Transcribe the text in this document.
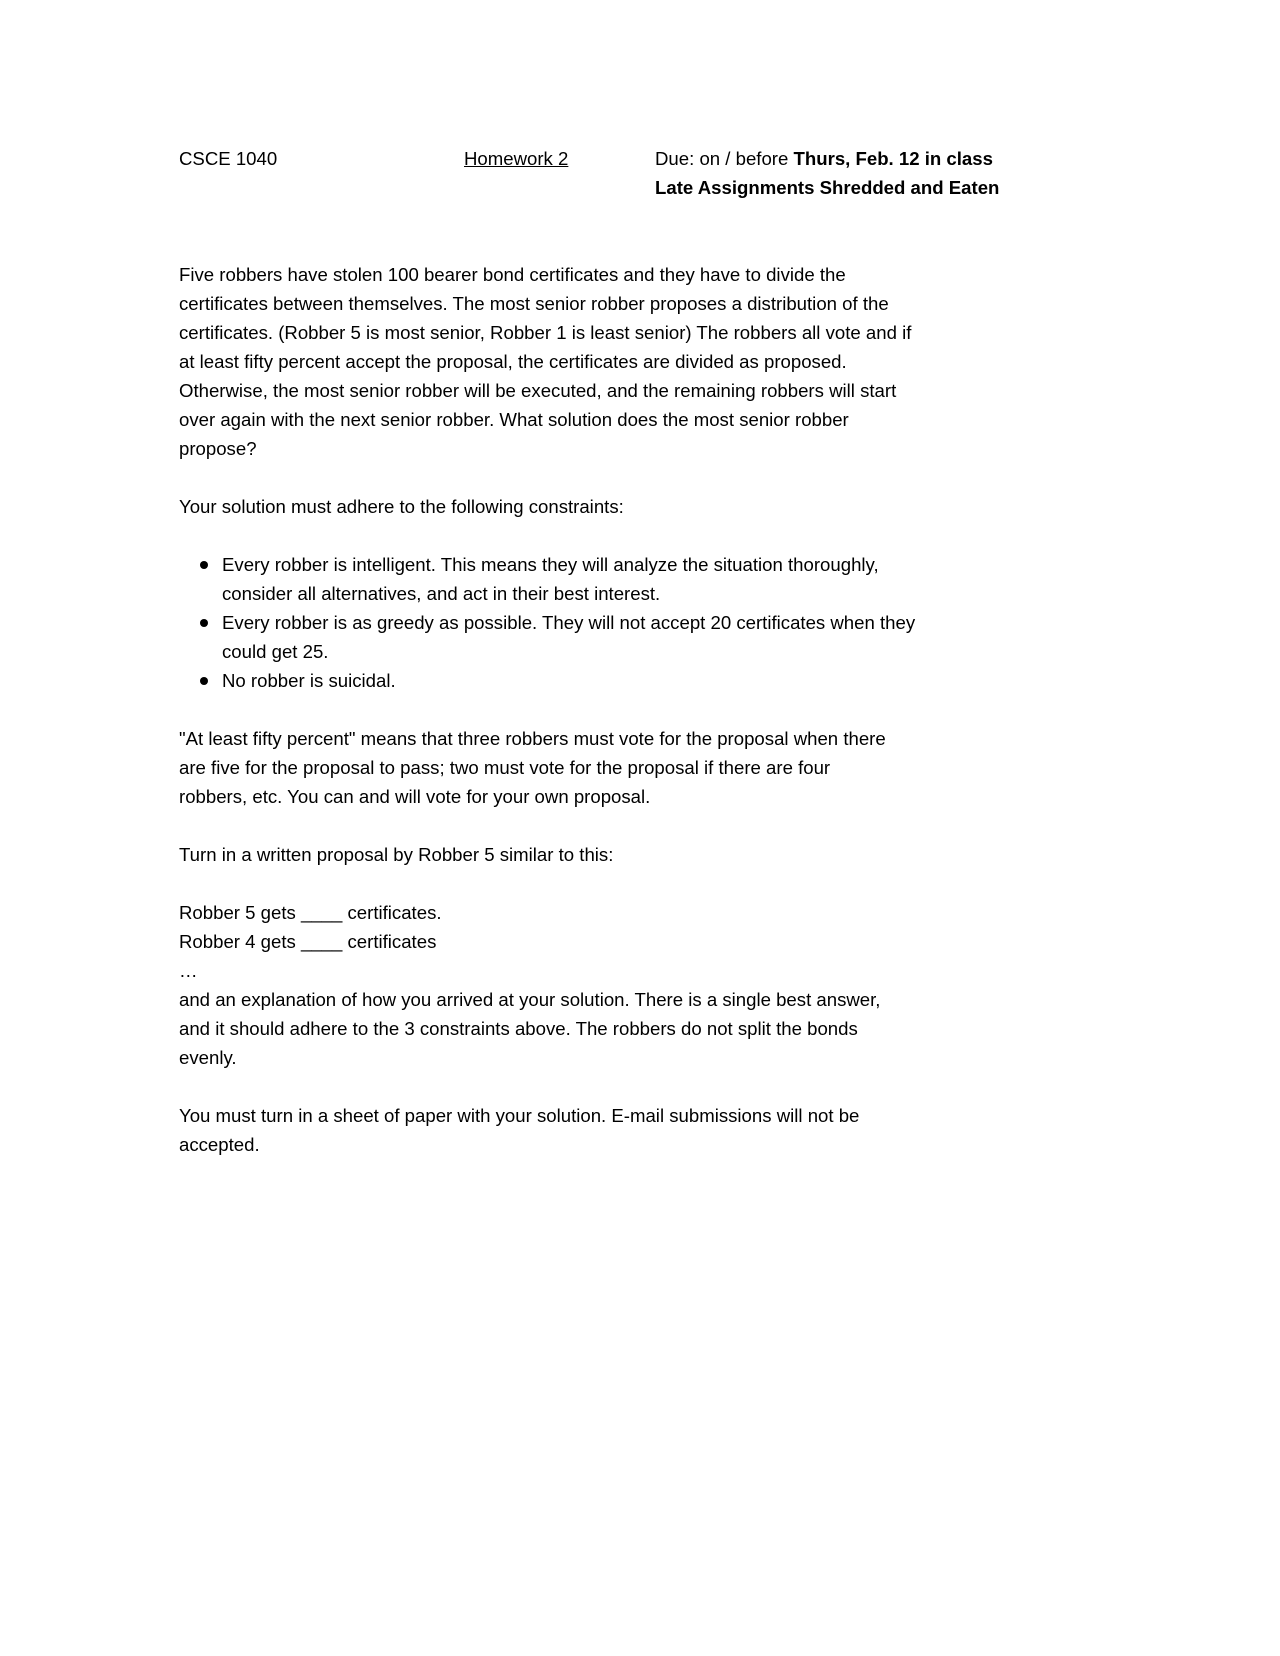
CSCE 1040	Homework 2	Due: on / before Thurs, Feb. 12 in class
Late Assignments Shredded and Eaten
Five robbers have stolen 100 bearer bond certificates and they have to divide the
certificates between themselves. The most senior robber proposes a distribution of the
certificates. (Robber 5 is most senior, Robber 1 is least senior) The robbers all vote and if
at least fifty percent accept the proposal, the certificates are divided as proposed.
Otherwise, the most senior robber will be executed, and the remaining robbers will start
over again with the next senior robber. What solution does the most senior robber
propose?
Your solution must adhere to the following constraints:
Every robber is intelligent. This means they will analyze the situation thoroughly,
consider all alternatives, and act in their best interest.
Every robber is as greedy as possible. They will not accept 20 certificates when they
could get 25.
No robber is suicidal.
"At least fifty percent" means that three robbers must vote for the proposal when there
are five for the proposal to pass; two must vote for the proposal if there are four
robbers, etc. You can and will vote for your own proposal.
Turn in a written proposal by Robber 5 similar to this:
Robber 5 gets ____ certificates.
Robber 4 gets ____ certificates
…
and an explanation of how you arrived at your solution. There is a single best answer,
and it should adhere to the 3 constraints above. The robbers do not split the bonds
evenly.
You must turn in a sheet of paper with your solution. E-mail submissions will not be
accepted.
